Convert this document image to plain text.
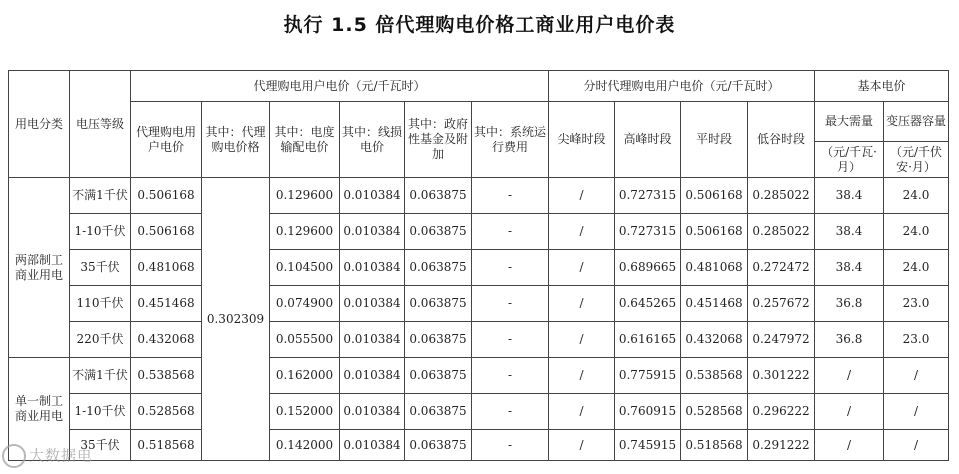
执行 1.5 倍代理购电价格工商业用户电价表
用电分类	电压等级	代理购电用户电价（元/千瓦时）						分时代理购电用户电价（元/千瓦时）				基本电价	
		代理购电用户电价	其中：代理购电价格	其中：电度输配电价	其中：线损电价	其中：政府性基金及附加	其中：系统运行费用	尖峰时段	高峰时段	平时段	低谷时段	最大需量	变压器容量
												（元/千瓦·月）	（元/千伏安·月）
两部制工商业用电	不满1千伏	0.506168	0.302309	0.129600	0.010384	0.063875	-	/	0.727315	0.506168	0.285022	38.4	24.0
	1-10千伏	0.506168		0.129600	0.010384	0.063875	-	/	0.727315	0.506168	0.285022	38.4	24.0
	35千伏	0.481068		0.104500	0.010384	0.063875	-	/	0.689665	0.481068	0.272472	38.4	24.0
	110千伏	0.451468		0.074900	0.010384	0.063875	-	/	0.645265	0.451468	0.257672	36.8	23.0
	220千伏	0.432068		0.055500	0.010384	0.063875	-	/	0.616165	0.432068	0.247972	36.8	23.0
单一制工商业用电	不满1千伏	0.538568		0.162000	0.010384	0.063875	-	/	0.775915	0.538568	0.301222	/	/
	1-10千伏	0.528568		0.152000	0.010384	0.063875	-	/	0.760915	0.528568	0.296222	/	/
	35千伏	0.518568		0.142000	0.010384	0.063875	-	/	0.745915	0.518568	0.291222	/	/
大数据电
